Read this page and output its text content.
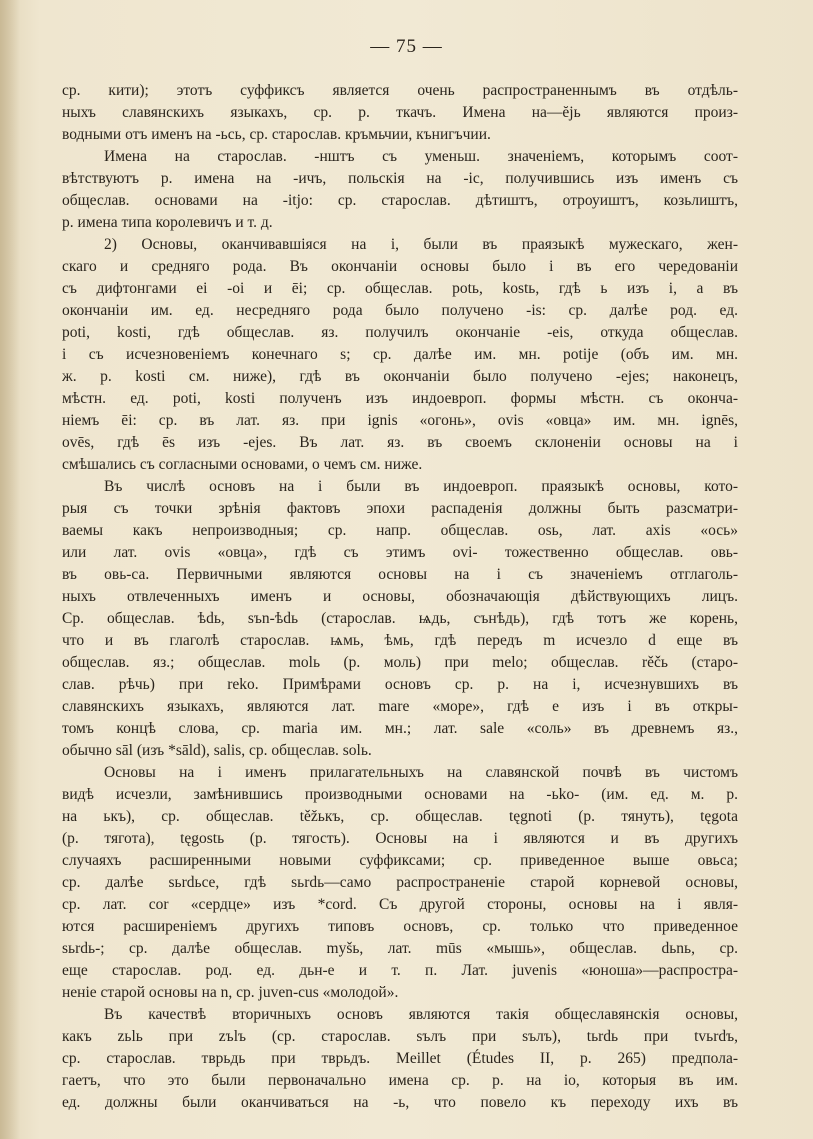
— 75 —
ср. кити); этотъ суффиксъ является очень распространеннымъ въ отдѣль-
ныхъ славянскихъ языкахъ, ср. р. ткачъ. Имена на—ĕjь являются произ-
водными отъ именъ на -ьсь, ср. старослав. кръмьчии, кънигъчии.
Имена на старослав. -нштъ съ уменьш. значеніемъ, которымъ соот-
вѣтствуютъ р. имена на -ичъ, польскія на -ic, получившись изъ именъ съ
общеслав. основами на -itjo: ср. старослав. дѣтиштъ, отроуиштъ, козьлиштъ,
р. имена типа королевичъ и т. д.
2) Основы, оканчивавшіяся на i, были въ праязыкѣ мужескаго, жен-
скаго и средняго рода. Въ окончаніи основы было i въ его чередованіи
съ дифтонгами ei -oi и ēi; ср. общеслав. potь, kostь, гдѣ ь изъ i, а въ
окончаніи им. ед. несредняго рода было получено -is: ср. далѣе род. ед.
poti, kosti, гдѣ общеслав. яз. получилъ окончаніе -eis, откуда общеслав.
i съ исчезновеніемъ конечнаго s; ср. далѣе им. мн. potije (объ им. мн.
ж. р. kosti см. ниже), гдѣ въ окончаніи было получено -ejes; наконецъ,
мѣстн. ед. poti, kosti полученъ изъ индоевроп. формы мѣстн. съ оконча-
ніемъ ēi: ср. въ лат. яз. при ignis «огонь», ovis «овца» им. мн. ignēs,
ovēs, гдѣ ēs изъ -ejes. Въ лат. яз. въ своемъ склоненіи основы на i
смѣшались съ согласными основами, о чемъ см. ниже.
Въ числѣ основъ на i были въ индоевроп. праязыкѣ основы, кото-
рыя съ точки зрѣнія фактовъ эпохи распаденія должны быть разсматри-
ваемы какъ непроизводныя; ср. напр. общеслав. osь, лат. axis «ось»
или лат. ovis «овца», гдѣ съ этимъ ovi- тожественно общеслав. овь-
въ овь-са. Первичными являются основы на i съ значеніемъ отглаголь-
ныхъ отвлеченныхъ именъ и основы, обозначающія дѣйствующихъ лицъ.
Ср. общеслав. ѣdь, sъn-ѣdь (старослав. ѩдь, сънѣдь), гдѣ тотъ же корень,
что и въ глаголѣ старослав. ѩмь, ѣмь, гдѣ передъ m исчезло d еще въ
общеслав. яз.; общеслав. molь (р. моль) при melo; общеслав. rěčь (старо-
слав. рѣчь) при reko. Примѣрами основъ ср. р. на i, исчезнувшихъ въ
славянскихъ языкахъ, являются лат. mare «море», гдѣ e изъ i въ откры-
томъ концѣ слова, ср. maria им. мн.; лат. sale «соль» въ древнемъ яз.,
обычно sāl (изъ *sāld), salis, ср. общеслав. solь.
Основы на i именъ прилагательныхъ на славянской почвѣ въ чистомъ
видѣ исчезли, замѣнившись производными основами на -ьko- (им. ед. м. р.
на ькъ), ср. общеслав. těžькъ, ср. общеслав. tęgnoti (р. тянуть), tęgota
(р. тягота), tęgostь (р. тягость). Основы на i являются и въ другихъ
случаяхъ расширенными новыми суффиксами; ср. приведенное выше овьса;
ср. далѣе sьrdьce, гдѣ sьrdь—само распространеніе старой корневой основы,
ср. лат. cor «сердце» изъ *cord. Съ другой стороны, основы на i явля-
ются расширеніемъ другихъ типовъ основъ, ср. только что приведенное
sьrdь-; ср. далѣе общеслав. myšь, лат. mūs «мышь», общеслав. dьnь, ср.
еще старослав. род. ед. дьн-е и т. п. Лат. juvenis «юноша»—распростра-
неніе старой основы на n, ср. juven-cus «молодой».
Въ качествѣ вторичныхъ основъ являются такія общеславянскія основы,
какъ zьlь при zъlъ (ср. старослав. ѕълъ при ѕълъ), tьrdь при tvьrdъ,
ср. старослав. тврьдь при тврьдъ. Meillet (Études II, p. 265) предпола-
гаетъ, что это были первоначально имена ср. р. на io, которыя въ им.
ед. должны были оканчиваться на -ь, что повело къ переходу ихъ въ
